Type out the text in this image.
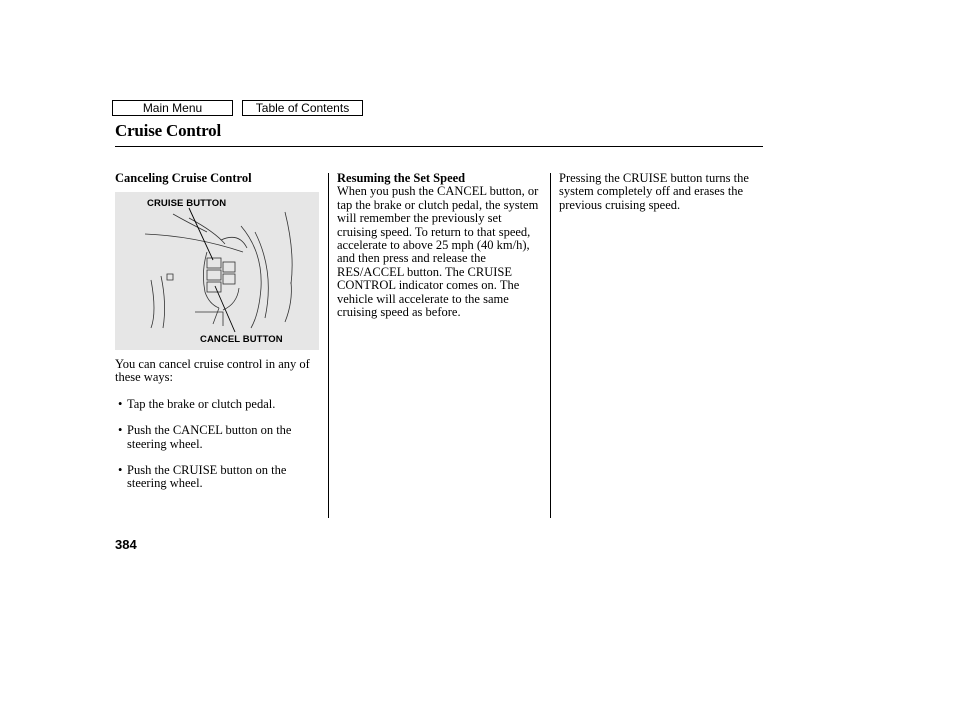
Main Menu	Table of Contents
Cruise Control
Canceling Cruise Control
CRUISE BUTTON
CANCEL BUTTON

You can cancel cruise control in any of these ways:

• Tap the brake or clutch pedal.

• Push the CANCEL button on the steering wheel.

• Push the CRUISE button on the steering wheel.

Resuming the Set Speed

When you push the CANCEL button, or tap the brake or clutch pedal, the system will remember the previously set cruising speed. To return to that speed, accelerate to above 25 mph (40 km/h), and then press and release the RES/ACCEL button. The CRUISE CONTROL indicator comes on. The vehicle will accelerate to the same cruising speed as before.

Pressing the CRUISE button turns the system completely off and erases the previous cruising speed.

384
